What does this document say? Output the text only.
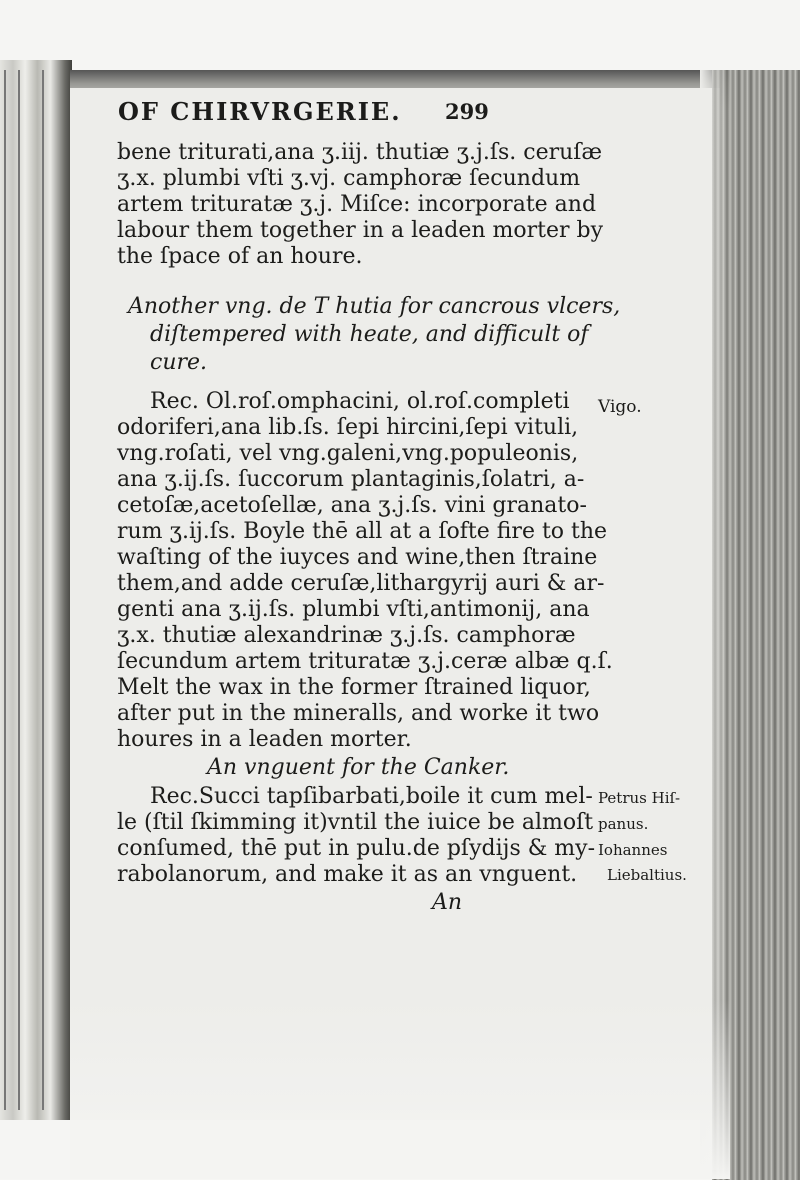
OF CHIRVRGERIE. 299
bene triturati,ana ʒ.iij. thutiæ ʒ.j.ſs. ceruſæ
ʒ.x. plumbi vſti ʒ.vj. camphoræ ſecundum
artem trituratæ ʒ.j. Miſce: incorporate and
labour them together in a leaden morter by
the ſpace of an houre.
Another vng. de T hutia for cancrous vlcers,
diſtempered with heate, and difficult of
cure.
Rec. Ol.roſ.omphacini, ol.roſ.completi
odoriferi,ana lib.ſs. ſepi hircini,ſepi vituli,
vng.roſati, vel vng.galeni,vng.populeonis,
ana ʒ.ij.ſs. ſuccorum plantaginis,ſolatri, a-
cetoſæ,acetoſellæ, ana ʒ.j.ſs. vini granato-
rum ʒ.ij.ſs. Boyle thē all at a ſofte fire to the
waſting of the iuyces and wine,then ſtraine
them,and adde ceruſæ,lithargyrij auri & ar-
genti ana ʒ.ij.ſs. plumbi vſti,antimonij, ana
ʒ.x. thutiæ alexandrinæ ʒ.j.ſs. camphoræ
ſecundum artem trituratæ ʒ.j.ceræ albæ q.ſ.
Melt the wax in the former ſtrained liquor,
after put in the mineralls, and worke it two
houres in a leaden morter.
An vnguent for the Canker.
Rec.Succi tapſibarbati,boile it cum mel-
le (ſtil ſkimming it)vntil the iuice be almoſt
conſumed, thē put in pulu.de pſydijs & my-
rabolanorum, and make it as an vnguent.
An
Vigo.
Petrus Hiſ-
panus.
Iohannes
Liebaltius.
